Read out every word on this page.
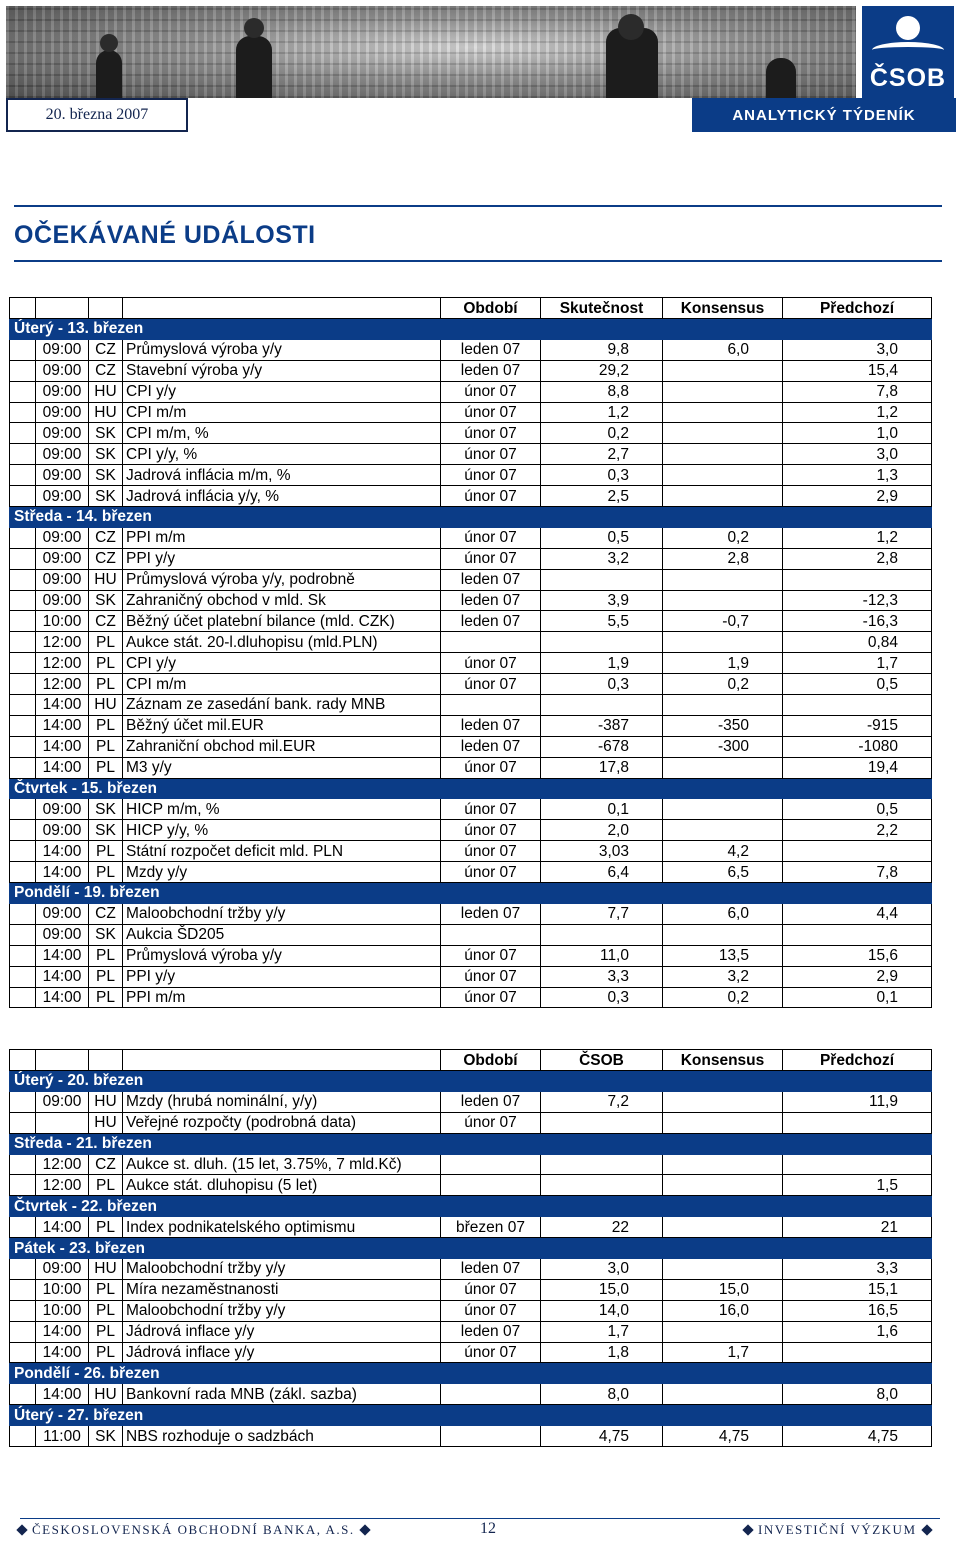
20. března 2007
ČSOB
ANALYTICKÝ TÝDENÍK
OČEKÁVANÉ UDÁLOSTI
				Období	Skutečnost	Konsensus	Předchozí
Úterý - 13. březen							
	09:00	CZ	Průmyslová výroba y/y	leden 07	9,8	6,0	3,0
	09:00	CZ	Stavební výroba y/y	leden 07	29,2		15,4
	09:00	HU	CPI y/y	únor 07	8,8		7,8
	09:00	HU	CPI m/m	únor 07	1,2		1,2
	09:00	SK	CPI m/m, %	únor 07	0,2		1,0
	09:00	SK	CPI y/y, %	únor 07	2,7		3,0
	09:00	SK	Jadrová inflácia m/m, %	únor 07	0,3		1,3
	09:00	SK	Jadrová inflácia y/y, %	únor 07	2,5		2,9
Středa - 14. březen							
	09:00	CZ	PPI m/m	únor 07	0,5	0,2	1,2
	09:00	CZ	PPI y/y	únor 07	3,2	2,8	2,8
	09:00	HU	Průmyslová výroba y/y, podrobně	leden 07			
	09:00	SK	Zahraničný obchod v mld. Sk	leden 07	3,9		-12,3
	10:00	CZ	Běžný účet platební bilance (mld. CZK)	leden 07	5,5	-0,7	-16,3
	12:00	PL	Aukce stát. 20-l.dluhopisu (mld.PLN)				0,84
	12:00	PL	CPI y/y	únor 07	1,9	1,9	1,7
	12:00	PL	CPI m/m	únor 07	0,3	0,2	0,5
	14:00	HU	Záznam ze zasedání bank. rady MNB				
	14:00	PL	Běžný účet mil.EUR	leden 07	-387	-350	-915
	14:00	PL	Zahraniční obchod mil.EUR	leden 07	-678	-300	-1080
	14:00	PL	M3 y/y	únor 07	17,8		19,4
Čtvrtek - 15. březen							
	09:00	SK	HICP m/m, %	únor 07	0,1		0,5
	09:00	SK	HICP y/y, %	únor 07	2,0		2,2
	14:00	PL	Státní rozpočet deficit mld. PLN	únor 07	3,03	4,2	
	14:00	PL	Mzdy y/y	únor 07	6,4	6,5	7,8
Pondělí - 19. březen							
	09:00	CZ	Maloobchodní tržby y/y	leden 07	7,7	6,0	4,4
	09:00	SK	Aukcia ŠD205				
	14:00	PL	Průmyslová výroba y/y	únor 07	11,0	13,5	15,6
	14:00	PL	PPI y/y	únor 07	3,3	3,2	2,9
	14:00	PL	PPI m/m	únor 07	0,3	0,2	0,1
				Období	ČSOB	Konsensus	Předchozí
Úterý - 20. březen							
	09:00	HU	Mzdy (hrubá nominální, y/y)	leden 07	7,2		11,9
		HU	Veřejné rozpočty (podrobná data)	únor 07			
Středa - 21. březen							
	12:00	CZ	Aukce st. dluh. (15 let, 3.75%, 7 mld.Kč)				
	12:00	PL	Aukce stát. dluhopisu (5 let)				1,5
Čtvrtek - 22. březen							
	14:00	PL	Index podnikatelského optimismu	březen 07	22		21
Pátek - 23. březen							
	09:00	HU	Maloobchodní tržby y/y	leden 07	3,0		3,3
	10:00	PL	Míra nezaměstnanosti	únor 07	15,0	15,0	15,1
	10:00	PL	Maloobchodní tržby y/y	únor 07	14,0	16,0	16,5
	14:00	PL	Jádrová inflace y/y	leden 07	1,7		1,6
	14:00	PL	Jádrová inflace y/y	únor 07	1,8	1,7	
Pondělí - 26. březen							
	14:00	HU	Bankovní rada MNB (zákl. sazba)		8,0		8,0
Úterý - 27. březen							
	11:00	SK	NBS rozhoduje o sadzbách		4,75	4,75	4,75
ČESKOSLOVENSKÁ OBCHODNÍ BANKA, A.S.	12	INVESTIČNÍ VÝZKUM
